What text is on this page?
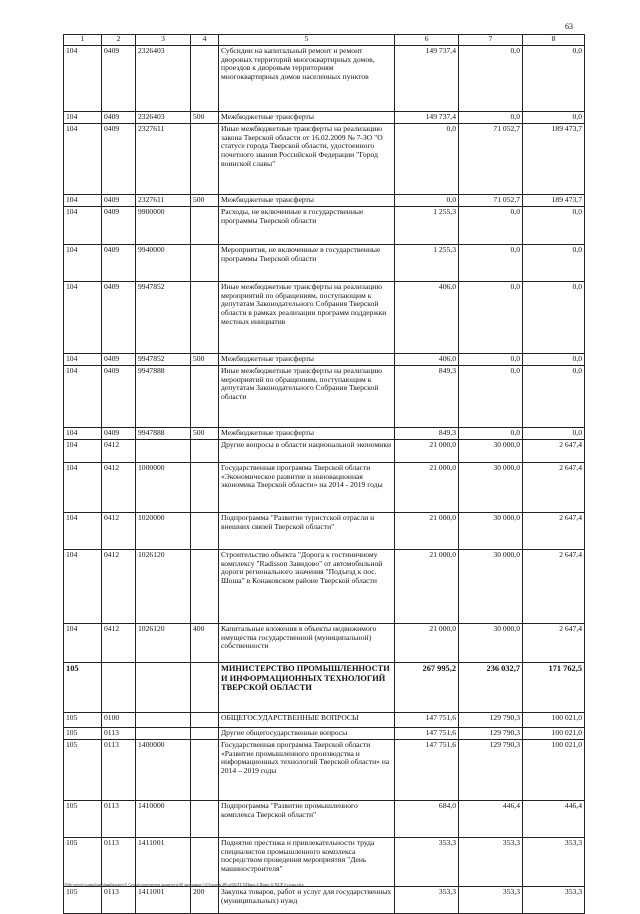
63
1	2	3	4	5	6	7	8
104	0409	2326403		Субсидии на капитальный ремонт и ремонт дворовых территорий многоквартирных домов, проездов к дворовым территориям многоквартирных домов населенных пунктов	149 737,4	0,0	0,0
104	0409	2326403	500	Межбюджетные трансферты	149 737,4	0,0	0,0
104	0409	2327611		Иные межбюджетные трансферты на реализацию закона Тверской области от 16.02.2009 № 7-ЗО "О статусе города Тверской области, удостоенного почетного звания Российской Федерации "Город воинской славы"	0,0	71 052,7	189 473,7
104	0409	2327611	500	Межбюджетные трансферты	0,0	71 052,7	189 473,7
104	0409	9900000		Расходы, не включенные в государственные программы Тверской области	1 255,3	0,0	0,0
104	0409	9940000		Мероприятия, не включенные в государственные программы Тверской области	1 255,3	0,0	0,0
104	0409	9947852		Иные межбюджетные трансферты на реализацию мероприятий по обращениям, поступающим к депутатам Законодательного Собрания Тверской области в рамках реализации программ поддержки местных инициатив	406,0	0,0	0,0
104	0409	9947852	500	Межбюджетные трансферты	406,0	0,0	0,0
104	0409	9947888		Иные межбюджетные трансферты на реализацию мероприятий по обращениям, поступающим к депутатам Законодательного Собрания Тверской области	849,3	0,0	0,0
104	0409	9947888	500	Межбюджетные трансферты	849,3	0,0	0,0
104	0412			Другие вопросы в области национальной экономики	21 000,0	30 000,0	2 647,4
104	0412	1000000		Государственная программа Тверской области «Экономическое развитие и инновационная экономика Тверской области» на 2014 - 2019 годы	21 000,0	30 000,0	2 647,4
104	0412	1020000		Подпрограмма "Развитие туристской отрасли и внешних связей Тверской области"	21 000,0	30 000,0	2 647,4
104	0412	1026120		Строительство объекта "Дорога к гостиничному комплексу "Radisson Завидово" от автомобильной дороги регионального значения "Подъезд к пос. Шоша" в Конаковском районе Тверской области	21 000,0	30 000,0	2 647,4
104	0412	1026120	400	Капитальные вложения в объекты недвижимого имущества государственной (муниципальной) собственности	21 000,0	30 000,0	2 647,4
105				МИНИСТЕРСТВО ПРОМЫШЛЕННОСТИ И ИНФОРМАЦИОННЫХ ТЕХНОЛОГИЙ ТВЕРСКОЙ ОБЛАСТИ	267 995,2	236 032,7	171 762,5
105	0100			ОБЩЕГОСУДАРСТВЕННЫЕ ВОПРОСЫ	147 751,6	129 790,3	100 021,0
105	0113			Другие общегосударственные вопросы	147 751,6	129 790,3	100 021,0
105	0113	1400000		Государственная программа Тверской области «Развитие промышленного производства и информационных технологий Тверской области» на 2014 – 2019 годы	147 751,6	129 790,3	100 021,0
105	0113	1410000		Подпрограмма "Развитие промышленного комплекса Тверской области"	684,0	446,4	446,4
105	0113	1411001		Поднятие престижа и привлекательности труда специалистов промышленного комплекса посредством проведения мероприятия "День машиностроителя"	353,3	353,3	353,3
105	0113	1411001	200	Закупка товаров, работ и услуг для государственных (муниципальных) нужд	353,3	353,3	353,3
\\File-server\consultant\финбюджет\5 Сельм\документы комитета\49 заседание (11)\отдел(49) к392-П-5\Прил.4 Прил.11 ВСР 3 годы.xlsx
